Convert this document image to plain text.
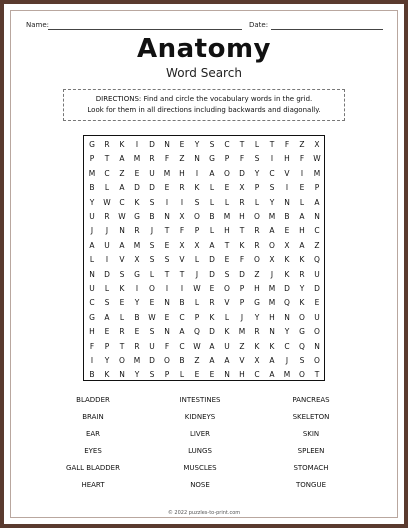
Name:	Date:
Anatomy
Word Search
DIRECTIONS: Find and circle the vocabulary words in the grid.
Look for them in all directions including backwards and diagonally.
G	R	K	I	D	N	E	Y	S	C	T	L	T	F	Z	X
P	T	A	M	R	F	Z	N	G	P	F	S	I	H	F	W
M	C	Z	E	U	M	H	I	A	O	D	Y	C	V	I	M
B	L	A	D	D	E	R	K	L	E	X	P	S	I	E	P
Y	W	C	K	S	I	I	S	L	L	R	L	Y	N	L	A
U	R	W	G	B	N	X	O	B	M	H	O	M	B	A	N
J	J	N	R	J	T	F	P	L	H	T	R	A	E	H	C
A	U	A	M	S	E	X	X	A	T	K	R	O	X	A	Z
L	I	V	X	S	S	V	L	D	E	F	O	X	K	K	Q
N	D	S	G	L	T	T	J	D	S	D	Z	J	K	R	U
U	L	K	I	O	I	I	W	E	O	P	H	M	D	Y	D
C	S	E	Y	E	N	B	L	R	V	P	G	M	Q	K	E
G	A	L	B	W	E	C	P	K	L	J	Y	H	N	O	U
H	E	R	E	S	N	A	Q	D	K	M	R	N	Y	G	O
F	P	T	R	U	F	C	W	A	U	Z	K	K	C	Q	N
I	Y	O	M	D	O	B	Z	A	A	V	X	A	J	S	O
B	K	N	Y	S	P	L	E	E	N	H	C	A	M	O	T
BLADDER
BRAIN
EAR
EYES
GALL BLADDER
HEART
INTESTINES
KIDNEYS
LIVER
LUNGS
MUSCLES
NOSE
PANCREAS
SKELETON
SKIN
SPLEEN
STOMACH
TONGUE
© 2022 puzzles-to-print.com
